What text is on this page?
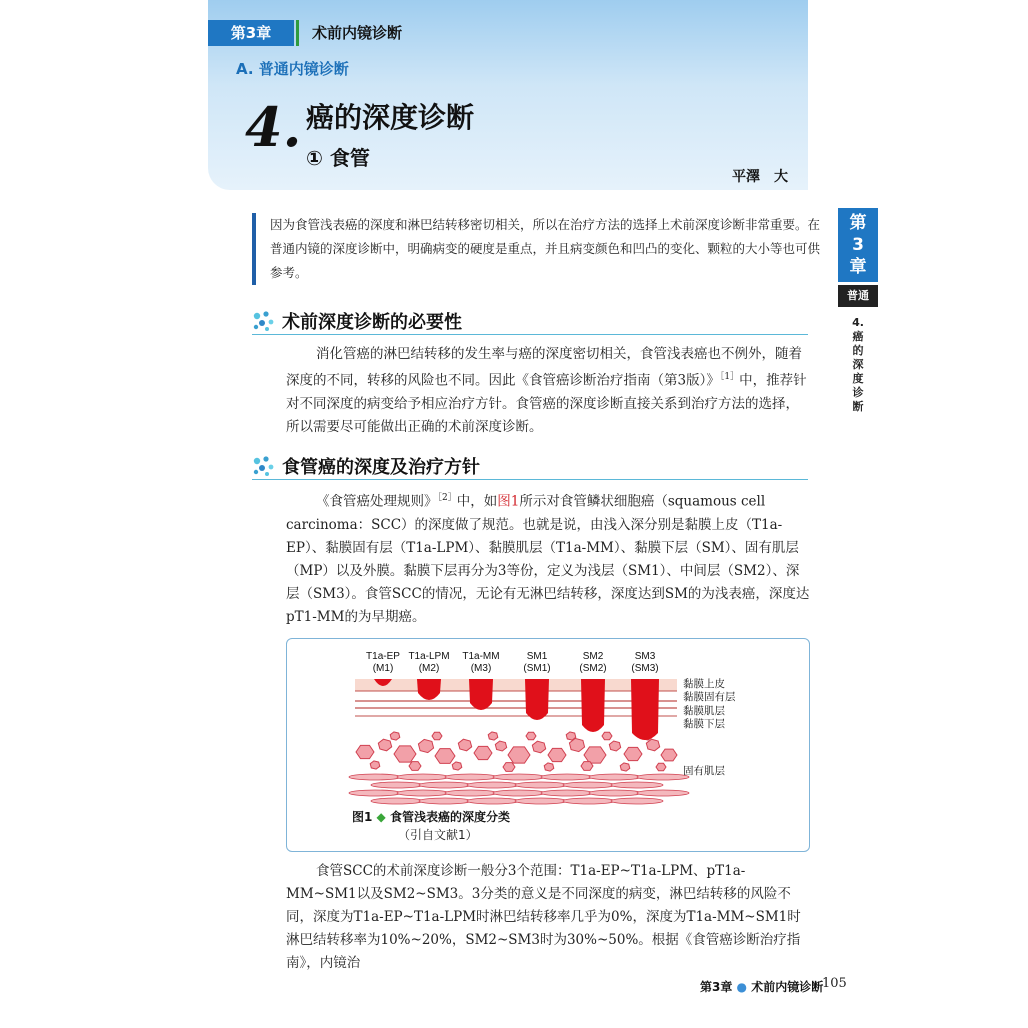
第3章	术前内镜诊断
A. 普通内镜诊断
4. 癌的深度诊断
① 食管
平澤　大
因为食管浅表癌的深度和淋巴结转移密切相关，所以在治疗方法的选择上术前深度诊断非常重要。在普通内镜的深度诊断中，明确病变的硬度是重点，并且病变颜色和凹凸的变化、颗粒的大小等也可供参考。
第
3
章
普通
4.
癌
的
深
度
诊
断
术前深度诊断的必要性
消化管癌的淋巴结转移的发生率与癌的深度密切相关，食管浅表癌也不例外，随着深度的不同，转移的风险也不同。因此《食管癌诊断治疗指南（第3版）》$^{[1]}$中，推荐针对不同深度的病变给予相应治疗方针。食管癌的深度诊断直接关系到治疗方法的选择，所以需要尽可能做出正确的术前深度诊断。
食管癌的深度及治疗方针
《食管癌处理规则》$^{[2]}$中，如图1所示对食管鳞状细胞癌（squamous cell carcinoma：SCC）的深度做了规范。也就是说，由浅入深分别是黏膜上皮（T1a-EP）、黏膜固有层（T1a-LPM）、黏膜肌层（T1a-MM）、黏膜下层（SM）、固有肌层（MP）以及外膜。黏膜下层再分为3等份，定义为浅层（SM1）、中间层（SM2）、深层（SM3）。食管SCC的情况，无论有无淋巴结转移，深度达到SM的为浅表癌，深度达pT1-MM的为早期癌。
T1a-EP
(M1)
T1a-LPM
(M2)
T1a-MM
(M3)
SM1
(SM1)
SM2
(SM2)
SM3
(SM3)
黏膜上皮
黏膜固有层
黏膜肌层
黏膜下层
固有肌层
图1 ◆ 食管浅表癌的深度分类
（引自文献1）
食管SCC的术前深度诊断一般分3个范围：T1a-EP~T1a-LPM、pT1a-MM~SM1以及SM2~SM3。3分类的意义是不同深度的病变，淋巴结转移的风险不同，深度为T1a-EP~T1a-LPM时淋巴结转移率几乎为0%，深度为T1a-MM~SM1时淋巴结转移率为10%~20%，SM2~SM3时为30%~50%。根据《食管癌诊断治疗指南》，内镜治
第3章 ● 术前内镜诊断
105
